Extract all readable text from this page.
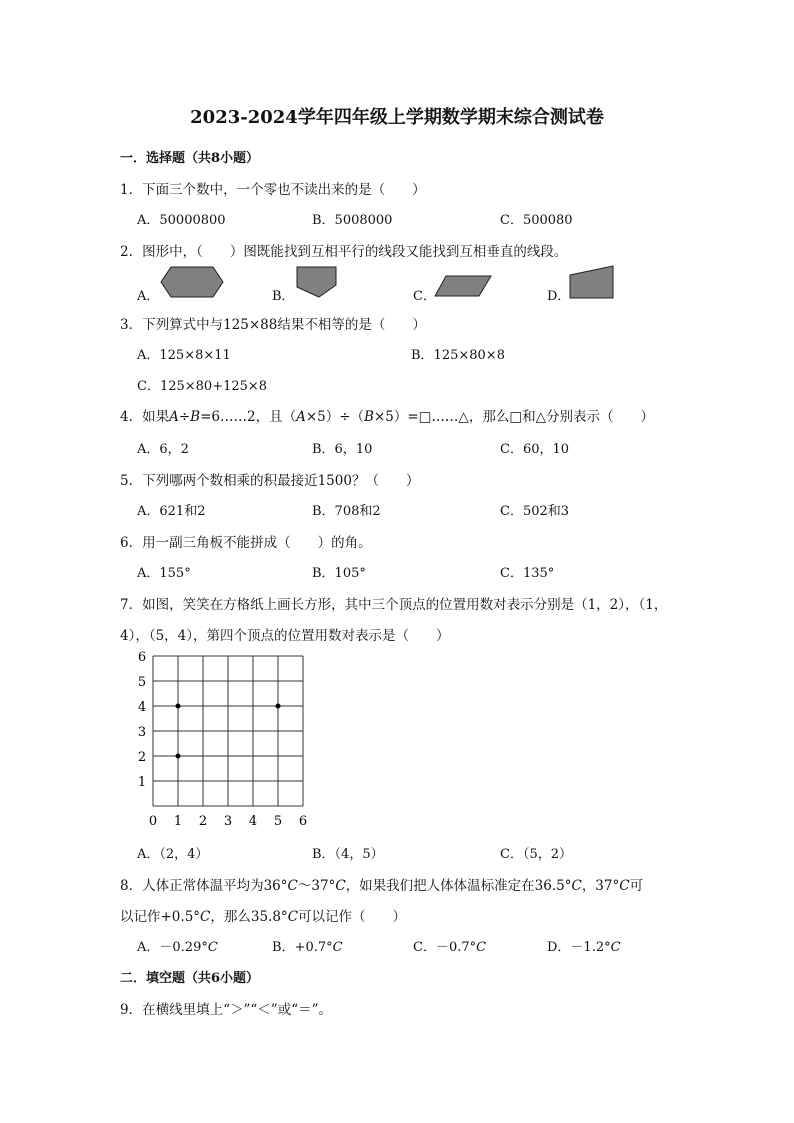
2023-2024学年四年级上学期数学期末综合测试卷
一．选择题（共8小题）
1．下面三个数中，一个零也不读出来的是（　　）
A．50000800	B．5008000	C．500080
2．图形中，（　　）图既能找到互相平行的线段又能找到互相垂直的线段。
A．	B．	C．	D．
3．下列算式中与125×88结果不相等的是（　　）
A．125×8×11	B．125×80×8
C．125×80+125×8
4．如果A÷B=6……2，且（A×5）÷（B×5）=□……△，那么□和△分别表示（　　）
A．6，2	B．6，10	C．60，10
5．下列哪两个数相乘的积最接近1500？（　　）
A．621和2	B．708和2	C．502和3
6．用一副三角板不能拼成（　　）的角。
A．155°	B．105°	C．135°
7．如图，笑笑在方格纸上画长方形，其中三个顶点的位置用数对表示分别是（1，2），（1，
4），（5，4），第四个顶点的位置用数对表示是（　　）
0 1 2 3 4 5 6
1
2
3
4
5
6
A．（2，4）	B．（4，5）	C．（5，2）
8．人体正常体温平均为36°C～37°C，如果我们把人体体温标准定在36.5°C，37°C可
以记作+0.5°C，那么35.8°C可以记作（　　）
A．－0.29°C	B．+0.7°C	C．－0.7°C	D．－1.2°C
二．填空题（共6小题）
9．在横线里填上“＞”“＜”或“＝”。
